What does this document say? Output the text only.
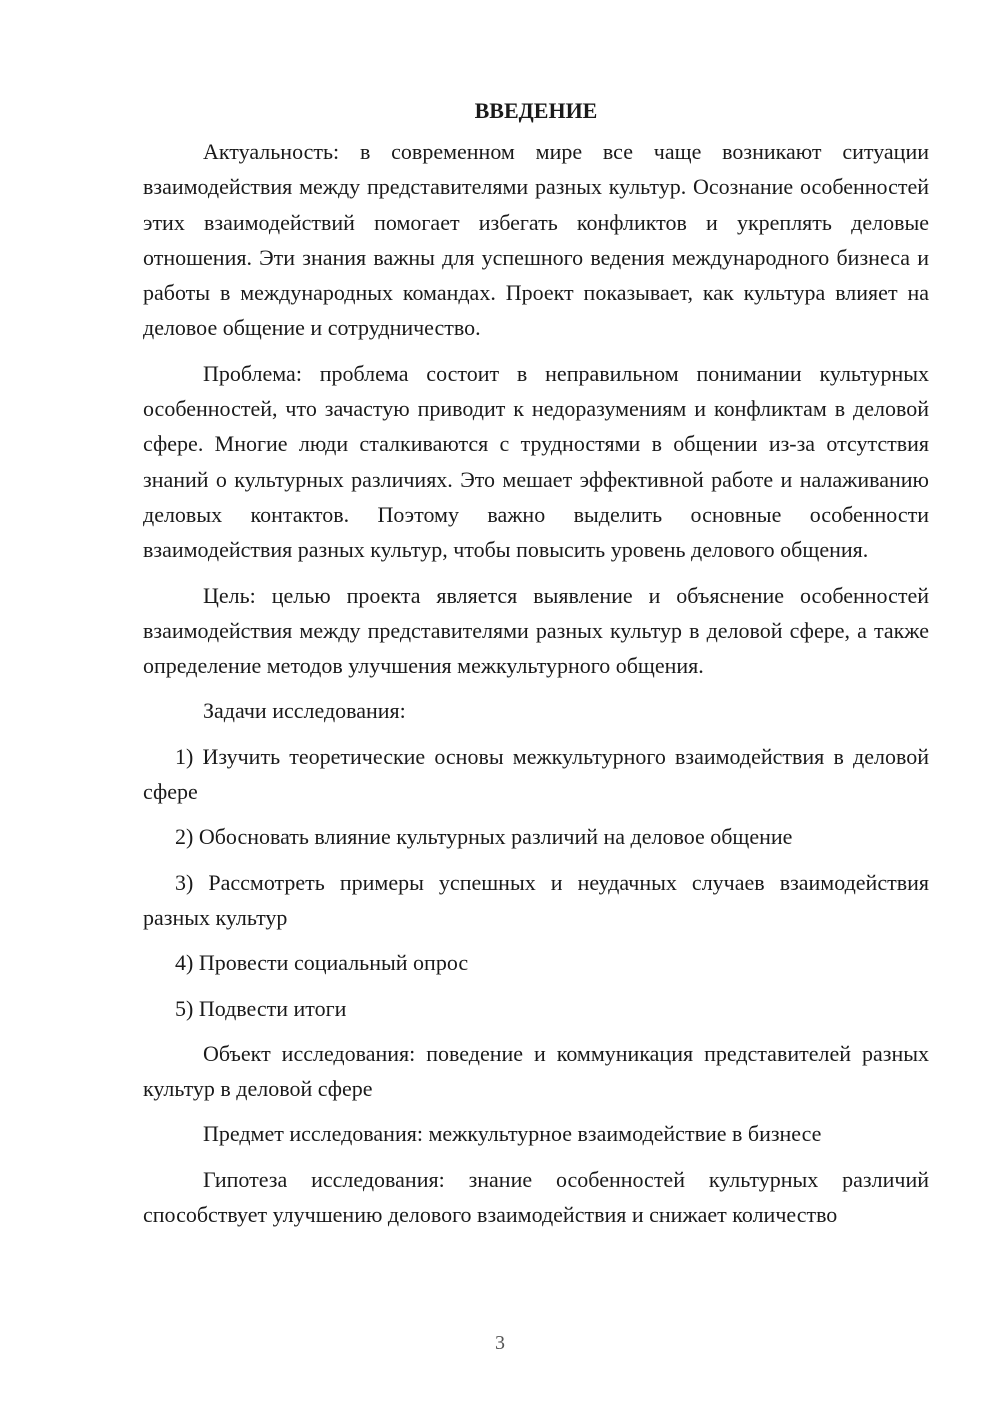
ВВЕДЕНИЕ

Актуальность: в современном мире все чаще возникают ситуации взаимодействия между представителями разных культур. Осознание особенностей этих взаимодействий помогает избегать конфликтов и укреплять деловые отношения. Эти знания важны для успешного ведения международного бизнеса и работы в международных командах. Проект показывает, как культура влияет на деловое общение и сотрудничество.

Проблема: проблема состоит в неправильном понимании культурных особенностей, что зачастую приводит к недоразумениям и конфликтам в деловой сфере. Многие люди сталкиваются с трудностями в общении из-за отсутствия знаний о культурных различиях. Это мешает эффективной работе и налаживанию деловых контактов. Поэтому важно выделить основные особенности взаимодействия разных культур, чтобы повысить уровень делового общения.

Цель: целью проекта является выявление и объяснение особенностей взаимодействия между представителями разных культур в деловой сфере, а также определение методов улучшения межкультурного общения.

Задачи исследования:

1) Изучить теоретические основы межкультурного взаимодействия в деловой сфере

2) Обосновать влияние культурных различий на деловое общение

3) Рассмотреть примеры успешных и неудачных случаев взаимодействия разных культур

4) Провести социальный опрос

5) Подвести итоги

Объект исследования: поведение и коммуникация представителей разных культур в деловой сфере

Предмет исследования: межкультурное взаимодействие в бизнесе

Гипотеза исследования: знание особенностей культурных различий способствует улучшению делового взаимодействия и снижает количество

3
